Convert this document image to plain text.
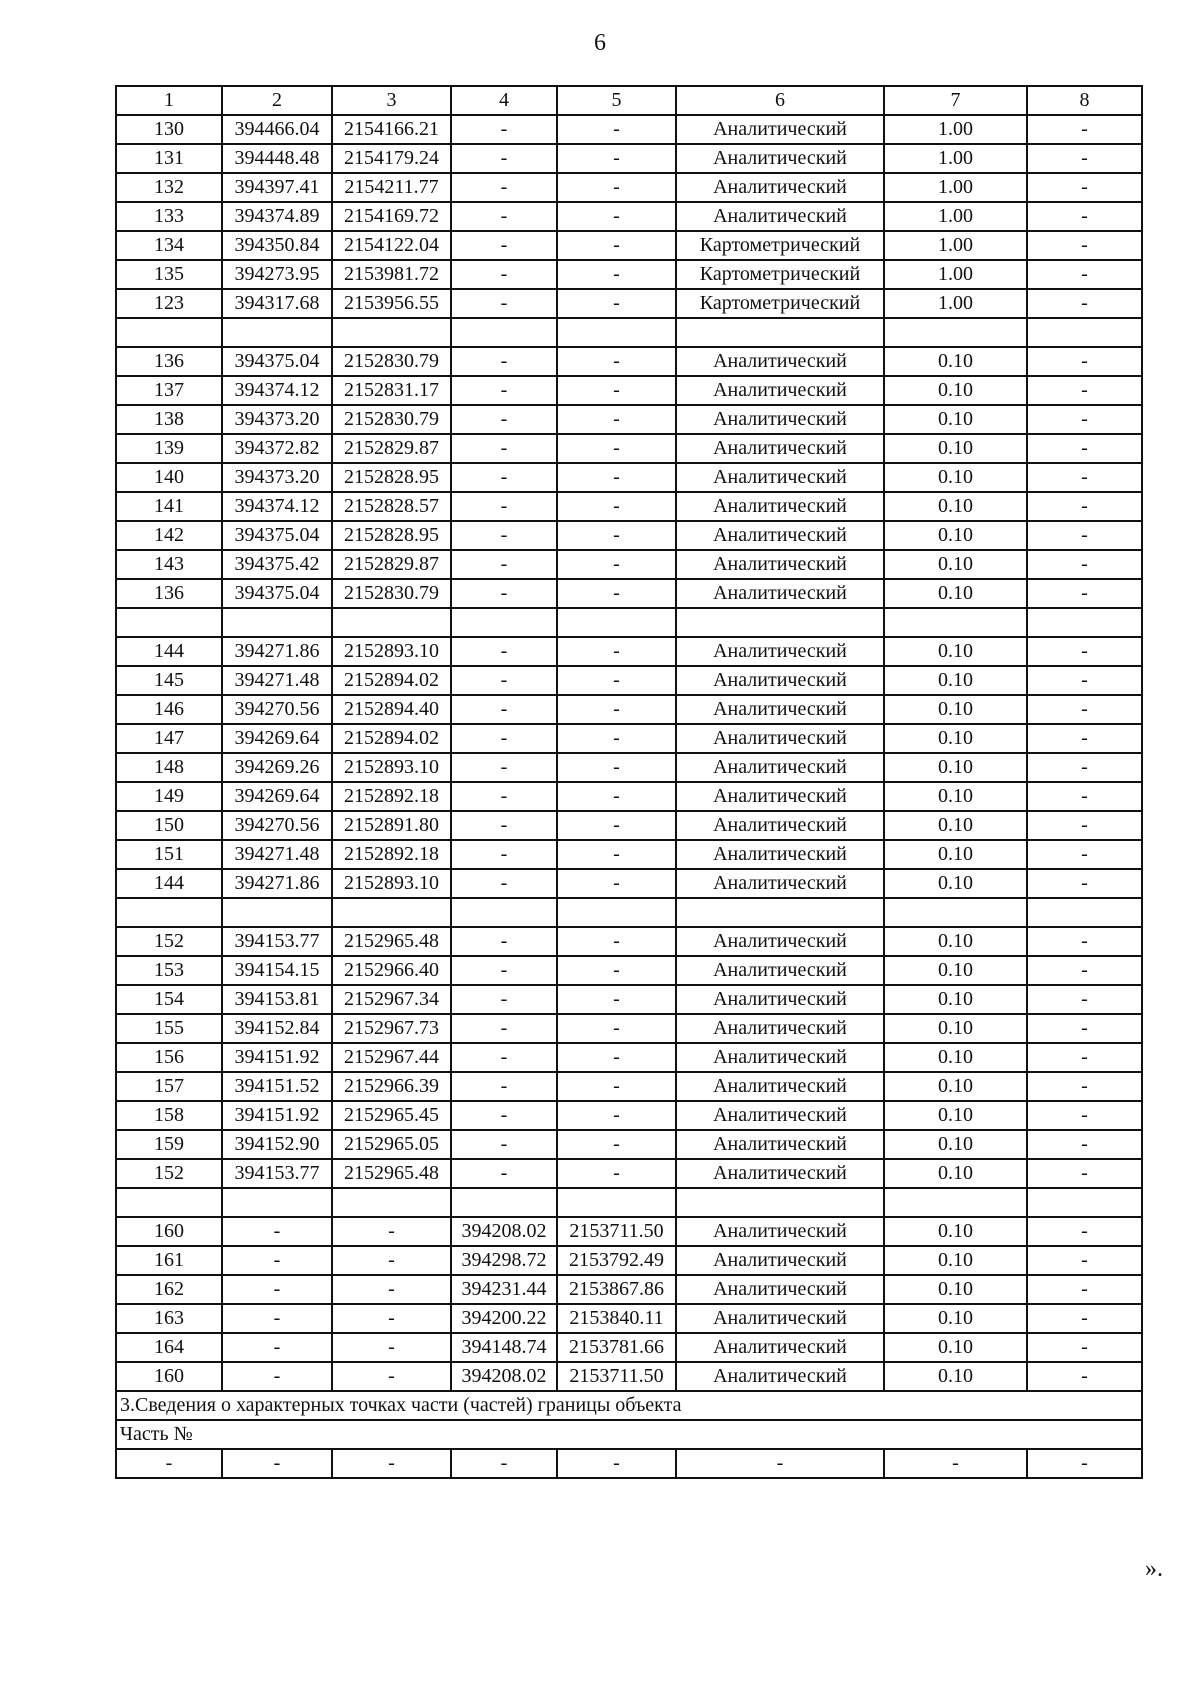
6
1	2	3	4	5	6	7	8
130	394466.04	2154166.21	-	-	Аналитический	1.00	-
131	394448.48	2154179.24	-	-	Аналитический	1.00	-
132	394397.41	2154211.77	-	-	Аналитический	1.00	-
133	394374.89	2154169.72	-	-	Аналитический	1.00	-
134	394350.84	2154122.04	-	-	Картометрический	1.00	-
135	394273.95	2153981.72	-	-	Картометрический	1.00	-
123	394317.68	2153956.55	-	-	Картометрический	1.00	-

136	394375.04	2152830.79	-	-	Аналитический	0.10	-
137	394374.12	2152831.17	-	-	Аналитический	0.10	-
138	394373.20	2152830.79	-	-	Аналитический	0.10	-
139	394372.82	2152829.87	-	-	Аналитический	0.10	-
140	394373.20	2152828.95	-	-	Аналитический	0.10	-
141	394374.12	2152828.57	-	-	Аналитический	0.10	-
142	394375.04	2152828.95	-	-	Аналитический	0.10	-
143	394375.42	2152829.87	-	-	Аналитический	0.10	-
136	394375.04	2152830.79	-	-	Аналитический	0.10	-

144	394271.86	2152893.10	-	-	Аналитический	0.10	-
145	394271.48	2152894.02	-	-	Аналитический	0.10	-
146	394270.56	2152894.40	-	-	Аналитический	0.10	-
147	394269.64	2152894.02	-	-	Аналитический	0.10	-
148	394269.26	2152893.10	-	-	Аналитический	0.10	-
149	394269.64	2152892.18	-	-	Аналитический	0.10	-
150	394270.56	2152891.80	-	-	Аналитический	0.10	-
151	394271.48	2152892.18	-	-	Аналитический	0.10	-
144	394271.86	2152893.10	-	-	Аналитический	0.10	-

152	394153.77	2152965.48	-	-	Аналитический	0.10	-
153	394154.15	2152966.40	-	-	Аналитический	0.10	-
154	394153.81	2152967.34	-	-	Аналитический	0.10	-
155	394152.84	2152967.73	-	-	Аналитический	0.10	-
156	394151.92	2152967.44	-	-	Аналитический	0.10	-
157	394151.52	2152966.39	-	-	Аналитический	0.10	-
158	394151.92	2152965.45	-	-	Аналитический	0.10	-
159	394152.90	2152965.05	-	-	Аналитический	0.10	-
152	394153.77	2152965.48	-	-	Аналитический	0.10	-

160	-	-	394208.02	2153711.50	Аналитический	0.10	-
161	-	-	394298.72	2153792.49	Аналитический	0.10	-
162	-	-	394231.44	2153867.86	Аналитический	0.10	-
163	-	-	394200.22	2153840.11	Аналитический	0.10	-
164	-	-	394148.74	2153781.66	Аналитический	0.10	-
160	-	-	394208.02	2153711.50	Аналитический	0.10	-
3.Сведения о характерных точках части (частей) границы объекта							
Часть №							
-	-	-	-	-	-	-	-
».
